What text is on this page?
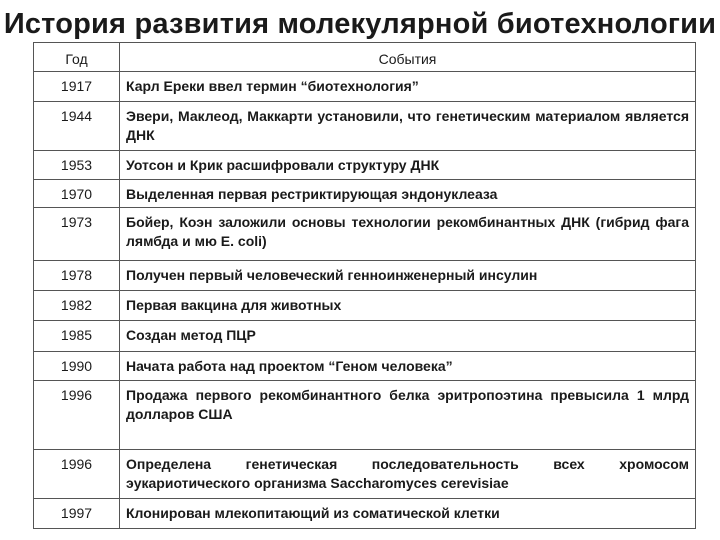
История развития молекулярной биотехнологии
Год	События
1917	Карл Ереки ввел термин “биотехнология”
1944	Эвери, Маклеод, Маккарти установили, что генетическим материалом является ДНК
1953	Уотсон и Крик расшифровали структуру ДНК
1970	Выделенная первая рестриктирующая эндонуклеаза
1973	Бойер, Коэн заложили основы технологии рекомбинантных ДНК (гибрид фага лямбда и мю E. coli)
1978	Получен первый человеческий генноинженерный инсулин
1982	Первая вакцина для животных
1985	Создан метод ПЦР
1990	Начата работа над проектом “Геном человека”
1996	Продажа первого рекомбинантного белка эритропоэтина превысила 1 млрд долларов США
1996	Определена генетическая последовательность всех хромосом эукариотического организма Saccharomyces cerevisiae
1997	Клонирован млекопитающий из соматической клетки
